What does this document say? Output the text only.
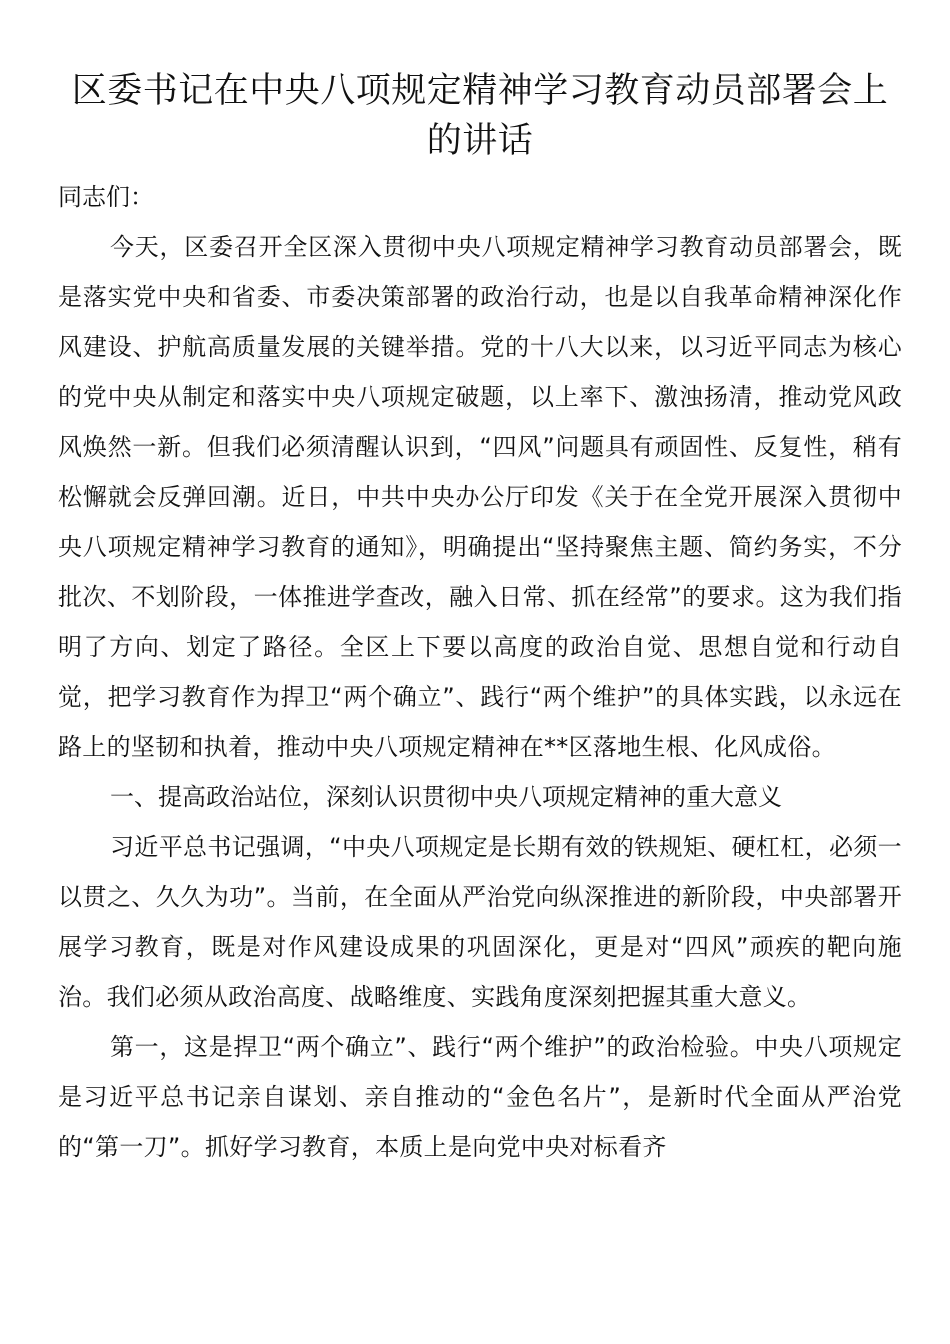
区委书记在中央八项规定精神学习教育动员部署会上的讲话
同志们：

今天，区委召开全区深入贯彻中央八项规定精神学习教育动员部署会，既是落实党中央和省委、市委决策部署的政治行动，也是以自我革命精神深化作风建设、护航高质量发展的关键举措。党的十八大以来，以习近平同志为核心的党中央从制定和落实中央八项规定破题，以上率下、激浊扬清，推动党风政风焕然一新。但我们必须清醒认识到，“四风”问题具有顽固性、反复性，稍有松懈就会反弹回潮。近日，中共中央办公厅印发《关于在全党开展深入贯彻中央八项规定精神学习教育的通知》，明确提出“坚持聚焦主题、简约务实，不分批次、不划阶段，一体推进学查改，融入日常、抓在经常”的要求。这为我们指明了方向、划定了路径。全区上下要以高度的政治自觉、思想自觉和行动自觉，把学习教育作为捍卫“两个确立”、践行“两个维护”的具体实践，以永远在路上的坚韧和执着，推动中央八项规定精神在**区落地生根、化风成俗。

一、提高政治站位，深刻认识贯彻中央八项规定精神的重大意义

习近平总书记强调，“中央八项规定是长期有效的铁规矩、硬杠杠，必须一以贯之、久久为功”。当前，在全面从严治党向纵深推进的新阶段，中央部署开展学习教育，既是对作风建设成果的巩固深化，更是对“四风”顽疾的靶向施治。我们必须从政治高度、战略维度、实践角度深刻把握其重大意义。

第一，这是捍卫“两个确立”、践行“两个维护”的政治检验。中央八项规定是习近平总书记亲自谋划、亲自推动的“金色名片”，是新时代全面从严治党的“第一刀”。抓好学习教育，本质上是向党中央对标看齐
